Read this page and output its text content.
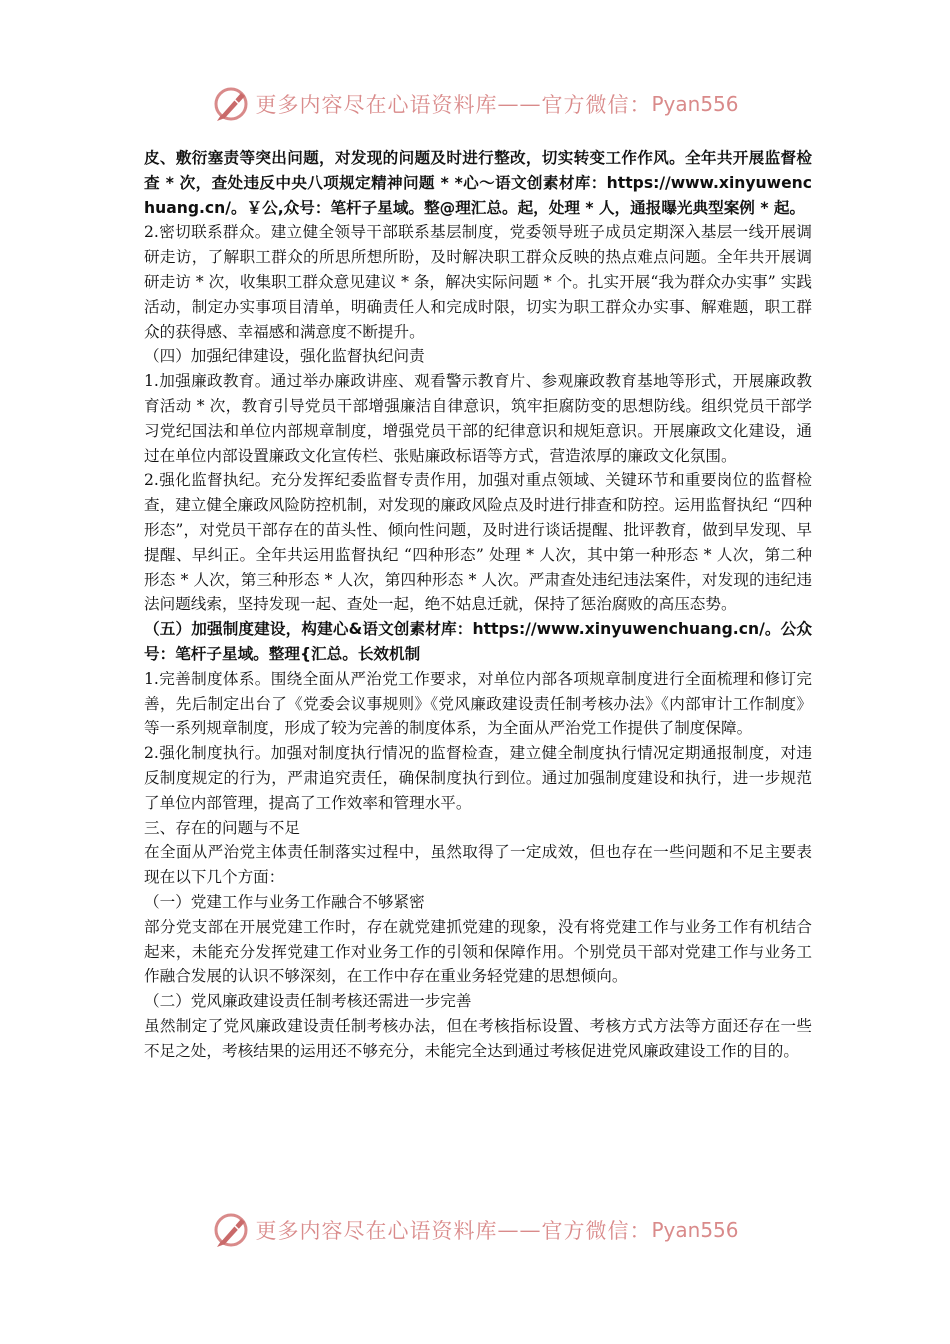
更多内容尽在心语资料库 —— 官方微信： Pyan556

皮、敷衍塞责等突出问题，对发现的问题及时进行整改，切实转变工作作风。全年共开展监督检查 * 次，查处违反中央八项规定精神问题 * *心～语文创素材库：https://www.xinyuwenchuang.cn/。￥公,众号：笔杆子星域。整@理汇总。起，处理 * 人，通报曝光典型案例 * 起。

2.密切联系群众。建立健全领导干部联系基层制度，党委领导班子成员定期深入基层一线开展调研走访，了解职工群众的所思所想所盼，及时解决职工群众反映的热点难点问题。全年共开展调研走访 * 次，收集职工群众意见建议 * 条，解决实际问题 * 个。扎实开展“我为群众办实事” 实践活动，制定办实事项目清单，明确责任人和完成时限，切实为职工群众办实事、解难题，职工群众的获得感、幸福感和满意度不断提升。

（四）加强纪律建设，强化监督执纪问责

1.加强廉政教育。通过举办廉政讲座、观看警示教育片、参观廉政教育基地等形式，开展廉政教育活动 * 次，教育引导党员干部增强廉洁自律意识，筑牢拒腐防变的思想防线。组织党员干部学习党纪国法和单位内部规章制度，增强党员干部的纪律意识和规矩意识。开展廉政文化建设，通过在单位内部设置廉政文化宣传栏、张贴廉政标语等方式，营造浓厚的廉政文化氛围。

2.强化监督执纪。充分发挥纪委监督专责作用，加强对重点领域、关键环节和重要岗位的监督检查，建立健全廉政风险防控机制，对发现的廉政风险点及时进行排查和防控。运用监督执纪 “四种形态”，对党员干部存在的苗头性、倾向性问题，及时进行谈话提醒、批评教育，做到早发现、早提醒、早纠正。全年共运用监督执纪 “四种形态” 处理 * 人次，其中第一种形态 * 人次，第二种形态 * 人次，第三种形态 * 人次，第四种形态 * 人次。严肃查处违纪违法案件，对发现的违纪违法问题线索，坚持发现一起、查处一起，绝不姑息迁就，保持了惩治腐败的高压态势。

（五）加强制度建设，构建心&语文创素材库：https://www.xinyuwenchuang.cn/。公众号：笔杆子星域。整理{汇总。长效机制

1.完善制度体系。围绕全面从严治党工作要求，对单位内部各项规章制度进行全面梳理和修订完善，先后制定出台了《党委会议事规则》《党风廉政建设责任制考核办法》《内部审计工作制度》等一系列规章制度，形成了较为完善的制度体系，为全面从严治党工作提供了制度保障。

2.强化制度执行。加强对制度执行情况的监督检查，建立健全制度执行情况定期通报制度，对违反制度规定的行为，严肃追究责任，确保制度执行到位。通过加强制度建设和执行，进一步规范了单位内部管理，提高了工作效率和管理水平。

三、存在的问题与不足

在全面从严治党主体责任制落实过程中，虽然取得了一定成效，但也存在一些问题和不足主要表现在以下几个方面：

（一）党建工作与业务工作融合不够紧密

部分党支部在开展党建工作时，存在就党建抓党建的现象，没有将党建工作与业务工作有机结合起来，未能充分发挥党建工作对业务工作的引领和保障作用。个别党员干部对党建工作与业务工作融合发展的认识不够深刻，在工作中存在重业务轻党建的思想倾向。

（二）党风廉政建设责任制考核还需进一步完善

虽然制定了党风廉政建设责任制考核办法，但在考核指标设置、考核方式方法等方面还存在一些不足之处，考核结果的运用还不够充分，未能完全达到通过考核促进党风廉政建设工作的目的。

更多内容尽在心语资料库 —— 官方微信： Pyan556
